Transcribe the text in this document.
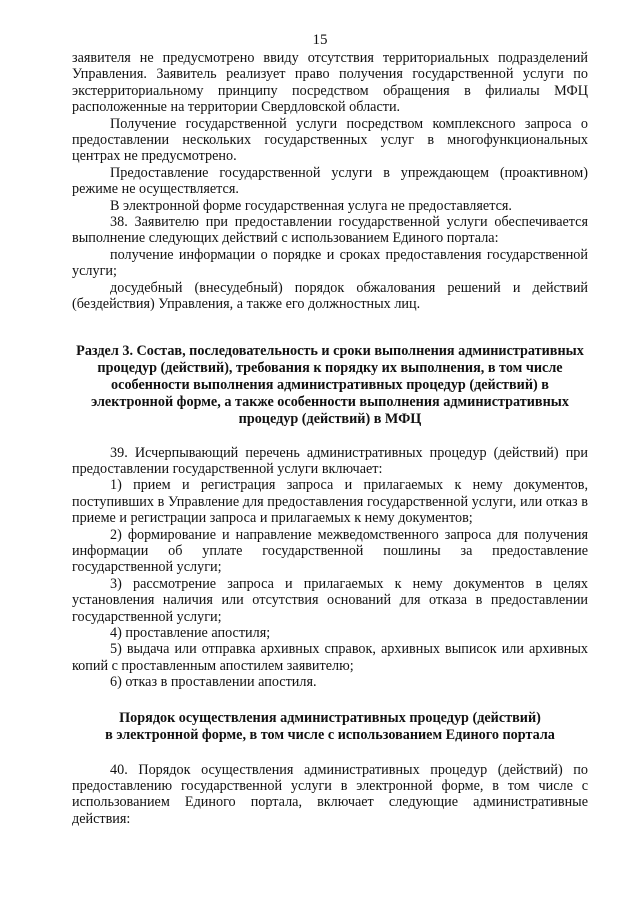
15

заявителя не предусмотрено ввиду отсутствия территориальных подразделений Управления. Заявитель реализует право получения государственной услуги по экстерриториальному принципу посредством обращения в филиалы МФЦ расположенные на территории Свердловской области.

Получение государственной услуги посредством комплексного запроса о предоставлении нескольких государственных услуг в многофункциональных центрах не предусмотрено.

Предоставление государственной услуги в упреждающем (проактивном) режиме не осуществляется.

В электронной форме государственная услуга не предоставляется.

38. Заявителю при предоставлении государственной услуги обеспечивается выполнение следующих действий с использованием Единого портала:

получение информации о порядке и сроках предоставления государственной услуги;

досудебный (внесудебный) порядок обжалования решений и действий (бездействия) Управления, а также его должностных лиц.

Раздел 3. Состав, последовательность и сроки выполнения административных процедур (действий), требования к порядку их выполнения, в том числе особенности выполнения административных процедур (действий) в электронной форме, а также особенности выполнения административных процедур (действий) в МФЦ

39. Исчерпывающий перечень административных процедур (действий) при предоставлении государственной услуги включает:

1) прием и регистрация запроса и прилагаемых к нему документов, поступивших в Управление для предоставления государственной услуги, или отказ в приеме и регистрации запроса и прилагаемых к нему документов;

2) формирование и направление межведомственного запроса для получения информации об уплате государственной пошлины за предоставление государственной услуги;

3) рассмотрение запроса и прилагаемых к нему документов в целях установления наличия или отсутствия оснований для отказа в предоставлении государственной услуги;

4) проставление апостиля;

5) выдача или отправка архивных справок, архивных выписок или архивных копий с проставленным апостилем заявителю;

6) отказ в проставлении апостиля.

Порядок осуществления административных процедур (действий)
в электронной форме, в том числе с использованием Единого портала

40. Порядок осуществления административных процедур (действий) по предоставлению государственной услуги в электронной форме, в том числе с использованием Единого портала, включает следующие административные действия:
